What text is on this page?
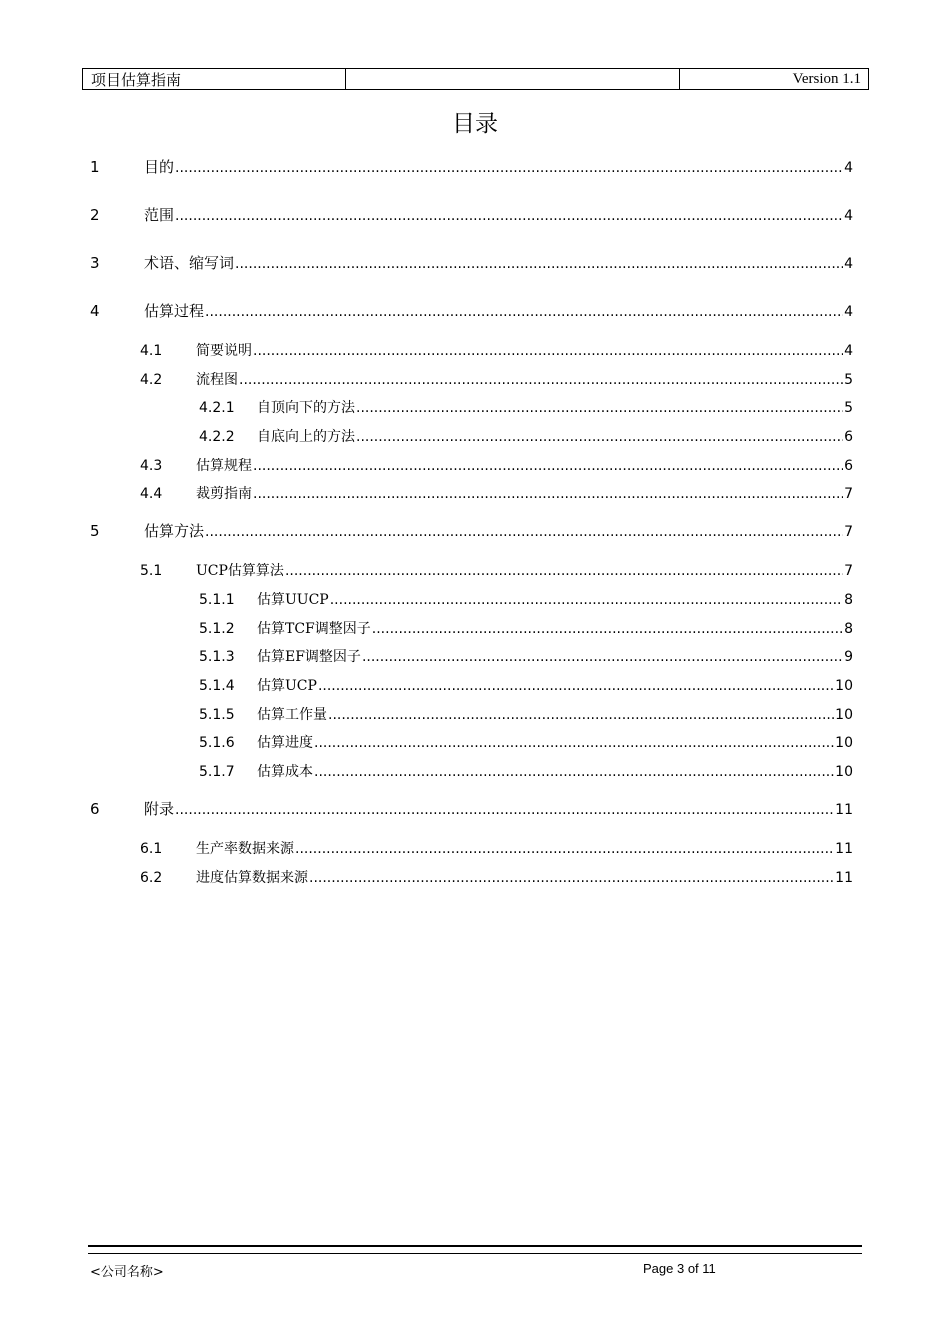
项目估算指南	Version 1.1
目录
1	目的 .....	4
2	范围 .....	4
3	术语、缩写词 .....	4
4	估算过程 .....	4
4.1	简要说明 .....	4
4.2	流程图 .....	5
4.2.1	自顶向下的方法 .....	5
4.2.2	自底向上的方法 .....	6
4.3	估算规程 .....	6
4.4	裁剪指南 .....	7
5	估算方法 .....	7
5.1	UCP估算算法 .....	7
5.1.1	估算UUCP .....	8
5.1.2	估算TCF调整因子 .....	8
5.1.3	估算EF调整因子 .....	9
5.1.4	估算UCP .....	10
5.1.5	估算工作量 .....	10
5.1.6	估算进度 .....	10
5.1.7	估算成本 .....	10
6	附录 .....	11
6.1	生产率数据来源 .....	11
6.2	进度估算数据来源 .....	11
<公司名称>	Page 3 of 11
